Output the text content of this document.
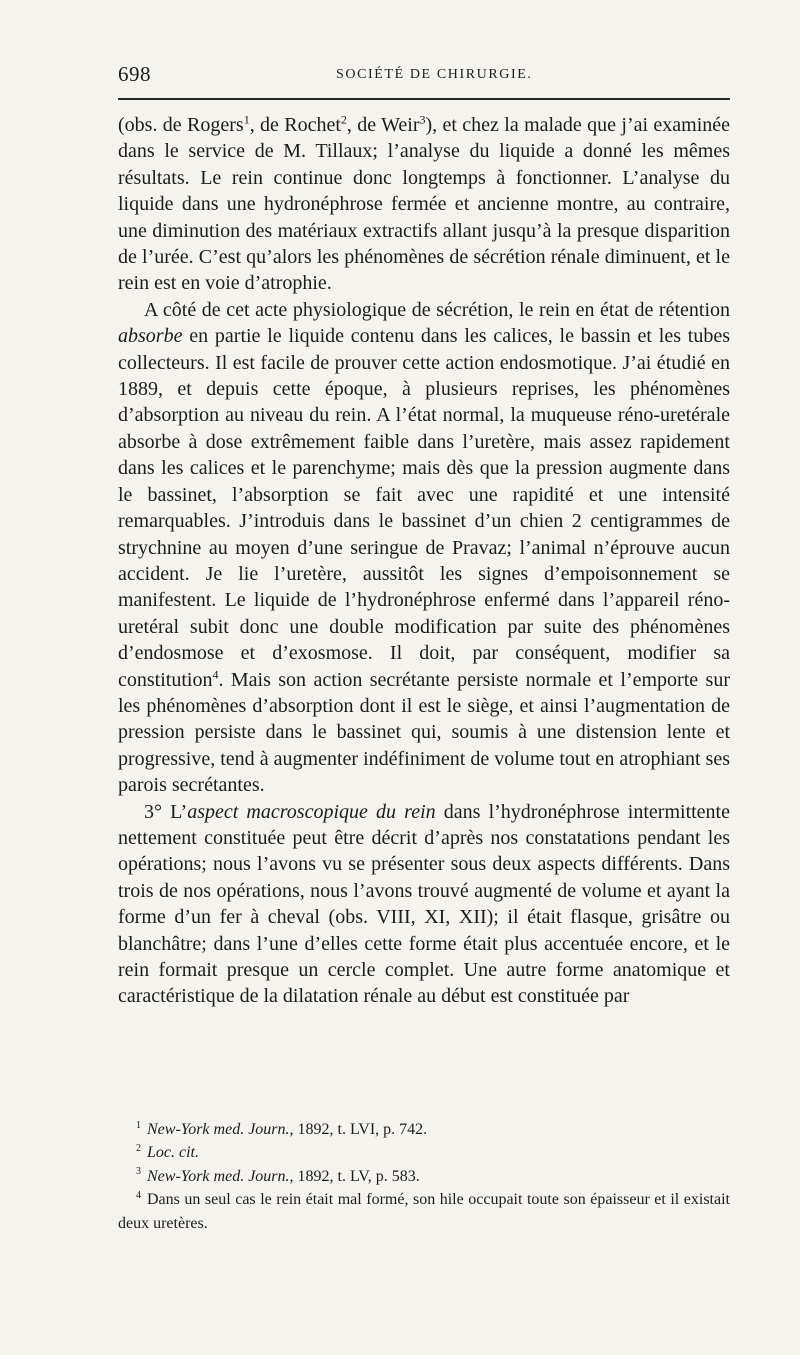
698	SOCIÉTÉ DE CHIRURGIE.

(obs. de Rogers$^1$, de Rochet$^2$, de Weir$^3$), et chez la malade que j’ai examinée dans le service de M. Tillaux; l’analyse du liquide a donné les mêmes résultats. Le rein continue donc longtemps à fonctionner. L’analyse du liquide dans une hydronéphrose fermée et ancienne montre, au contraire, une diminution des matériaux extractifs allant jusqu’à la presque disparition de l’urée. C’est qu’alors les phénomènes de sécrétion rénale diminuent, et le rein est en voie d’atrophie.

A côté de cet acte physiologique de sécrétion, le rein en état de rétention absorbe en partie le liquide contenu dans les calices, le bassin et les tubes collecteurs. Il est facile de prouver cette action endosmotique. J’ai étudié en 1889, et depuis cette époque, à plusieurs reprises, les phénomènes d’absorption au niveau du rein. A l’état normal, la muqueuse réno-uretérale absorbe à dose extrêmement faible dans l’uretère, mais assez rapidement dans les calices et le parenchyme; mais dès que la pression augmente dans le bassinet, l’absorption se fait avec une rapidité et une intensité remarquables. J’introduis dans le bassinet d’un chien 2 centigrammes de strychnine au moyen d’une seringue de Pravaz; l’animal n’éprouve aucun accident. Je lie l’uretère, aussitôt les signes d’empoisonnement se manifestent. Le liquide de l’hydronéphrose enfermé dans l’appareil réno-uretéral subit donc une double modification par suite des phénomènes d’endosmose et d’exosmose. Il doit, par conséquent, modifier sa constitution$^4$. Mais son action secrétante persiste normale et l’emporte sur les phénomènes d’absorption dont il est le siège, et ainsi l’augmentation de pression persiste dans le bassinet qui, soumis à une distension lente et progressive, tend à augmenter indéfiniment de volume tout en atrophiant ses parois secrétantes.

3° L’aspect macroscopique du rein dans l’hydronéphrose intermittente nettement constituée peut être décrit d’après nos constatations pendant les opérations; nous l’avons vu se présenter sous deux aspects différents. Dans trois de nos opérations, nous l’avons trouvé augmenté de volume et ayant la forme d’un fer à cheval (obs. VIII, XI, XII); il était flasque, grisâtre ou blanchâtre; dans l’une d’elles cette forme était plus accentuée encore, et le rein formait presque un cercle complet. Une autre forme anatomique et caractéristique de la dilatation rénale au début est constituée par

$^1$ New-York med. Journ., 1892, t. LVI, p. 742.

$^2$ Loc. cit.

$^3$ New-York med. Journ., 1892, t. LV, p. 583.

$^4$ Dans un seul cas le rein était mal formé, son hile occupait toute son épaisseur et il existait deux uretères.
